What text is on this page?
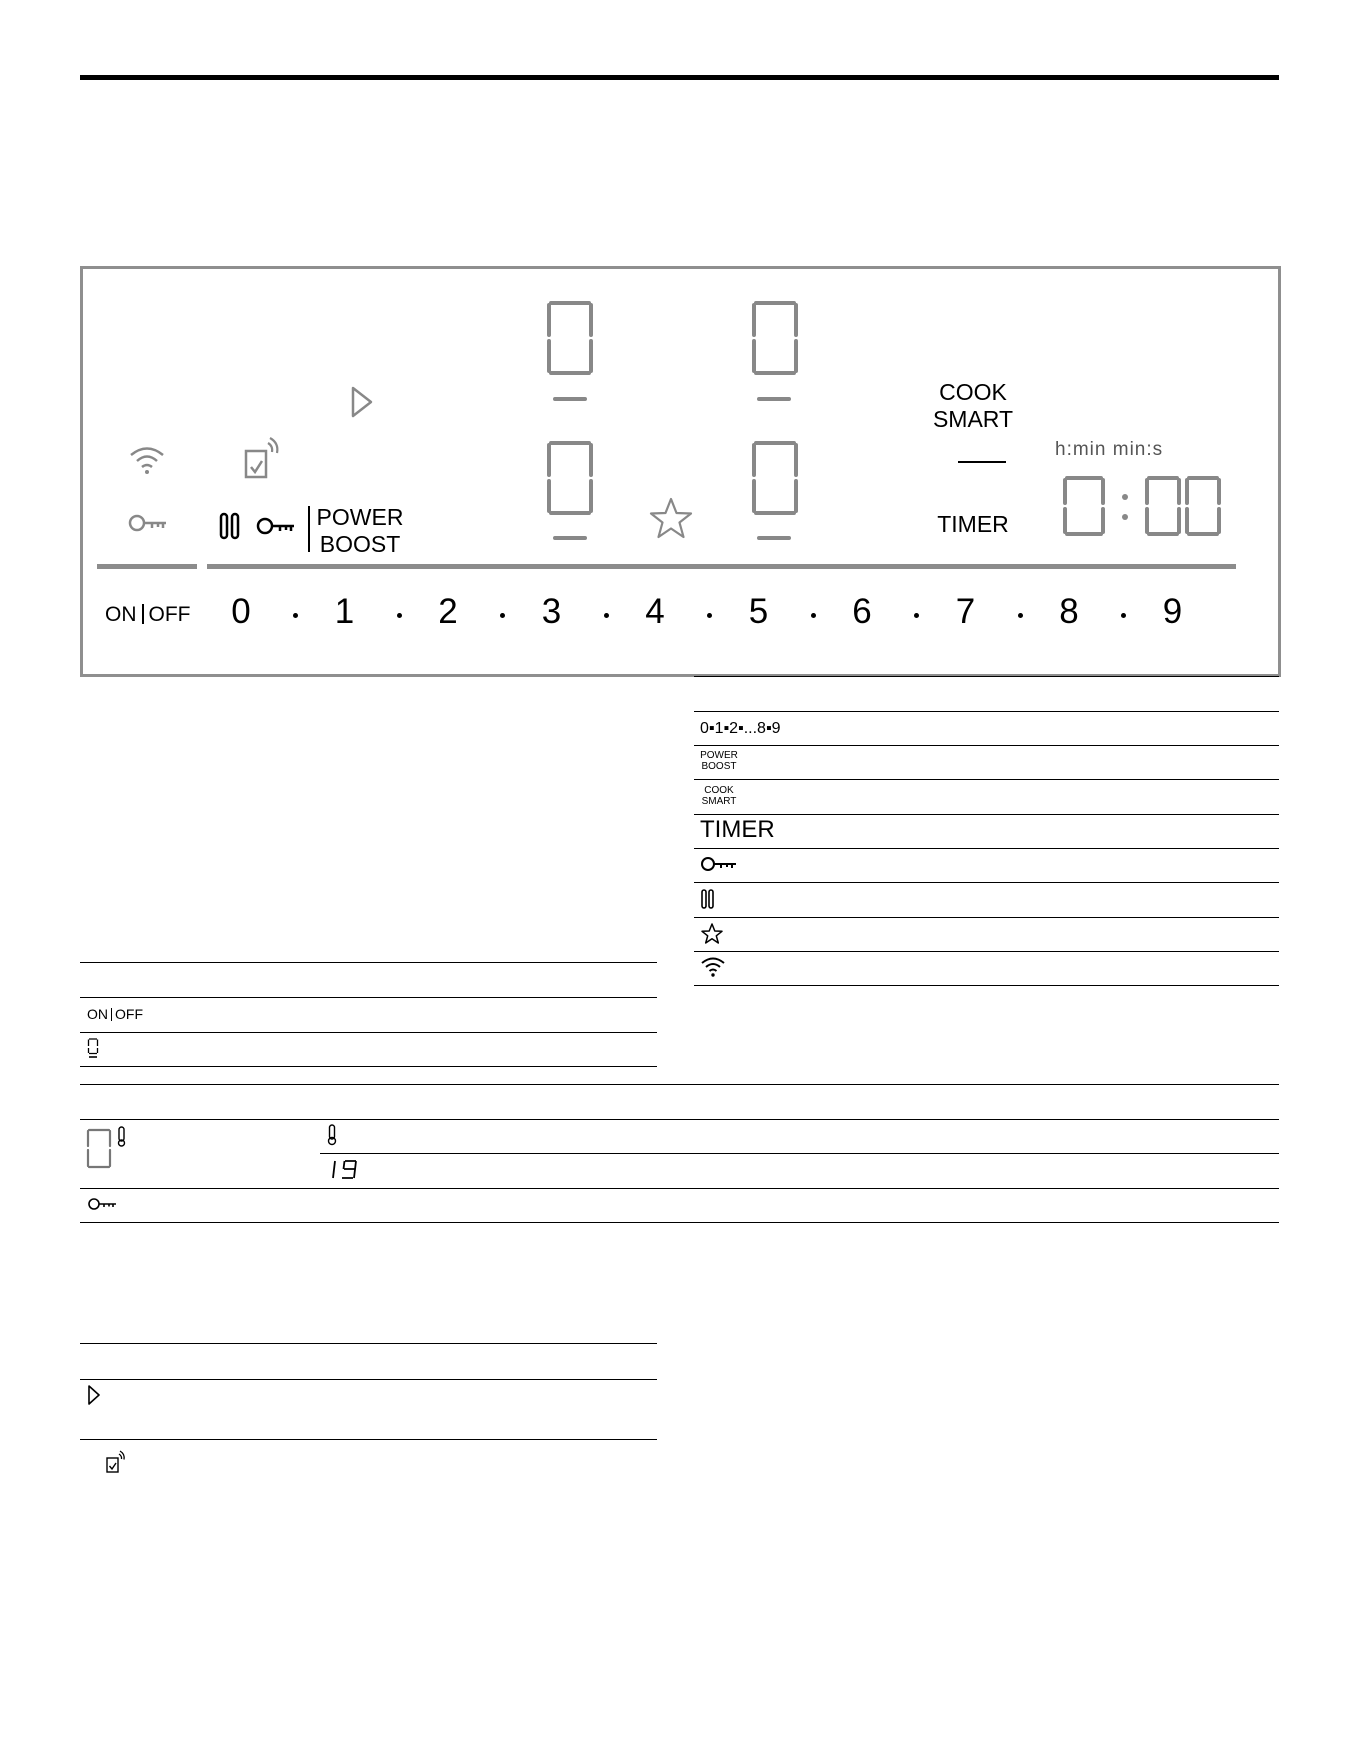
POWER
BOOST
COOK
SMART
TIMER
h:min min:s
ON OFF 0 1 2 3 4 5 6 7 8 9
0▪1▪2▪...8▪9
POWER
BOOST
COOK
SMART
TIMER
ON OFF
